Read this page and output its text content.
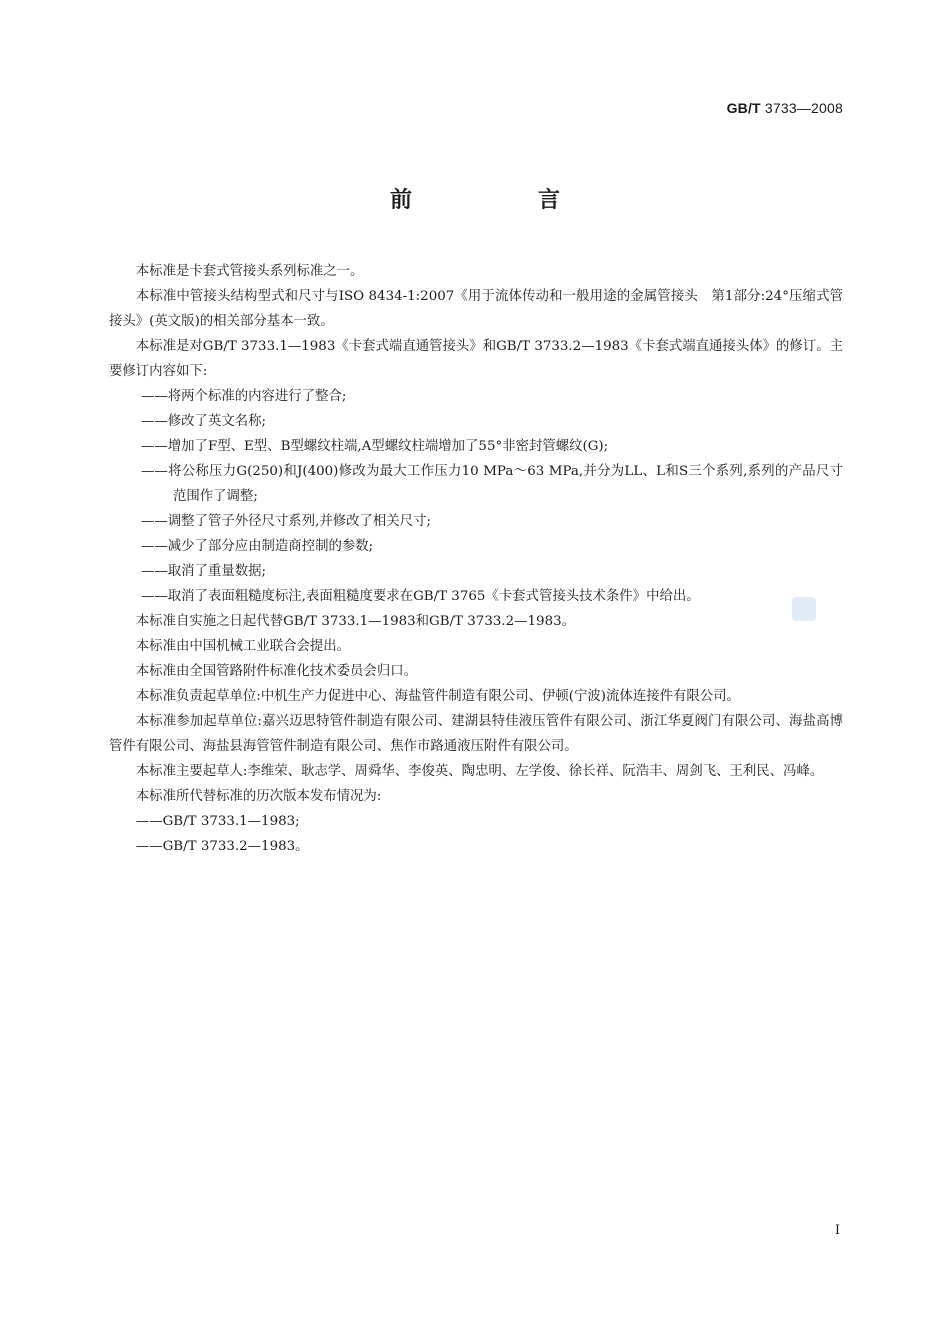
GB/T 3733—2008
前　言

本标准是卡套式管接头系列标准之一。

本标准中管接头结构型式和尺寸与ISO 8434-1:2007《用于流体传动和一般用途的金属管接头　第1部分:24°压缩式管接头》(英文版)的相关部分基本一致。

本标准是对GB/T 3733.1—1983《卡套式端直通管接头》和GB/T 3733.2—1983《卡套式端直通接头体》的修订。主要修订内容如下:

——将两个标准的内容进行了整合;

——修改了英文名称;

——增加了F型、E型、B型螺纹柱端,A型螺纹柱端增加了55°非密封管螺纹(G);

——将公称压力G(250)和J(400)修改为最大工作压力10 MPa～63 MPa,并分为LL、L和S三个系列,系列的产品尺寸范围作了调整;

——调整了管子外径尺寸系列,并修改了相关尺寸;

——减少了部分应由制造商控制的参数;

——取消了重量数据;

——取消了表面粗糙度标注,表面粗糙度要求在GB/T 3765《卡套式管接头技术条件》中给出。

本标准自实施之日起代替GB/T 3733.1—1983和GB/T 3733.2—1983。

本标准由中国机械工业联合会提出。

本标准由全国管路附件标准化技术委员会归口。

本标准负责起草单位:中机生产力促进中心、海盐管件制造有限公司、伊顿(宁波)流体连接件有限公司。

本标准参加起草单位:嘉兴迈思特管件制造有限公司、建湖县特佳液压管件有限公司、浙江华夏阀门有限公司、海盐高博管件有限公司、海盐县海管管件制造有限公司、焦作市路通液压附件有限公司。

本标准主要起草人:李维荣、耿志学、周舜华、李俊英、陶忠明、左学俊、徐长祥、阮浩丰、周剑飞、王利民、冯峰。

本标准所代替标准的历次版本发布情况为:

——GB/T 3733.1—1983;

——GB/T 3733.2—1983。

I
